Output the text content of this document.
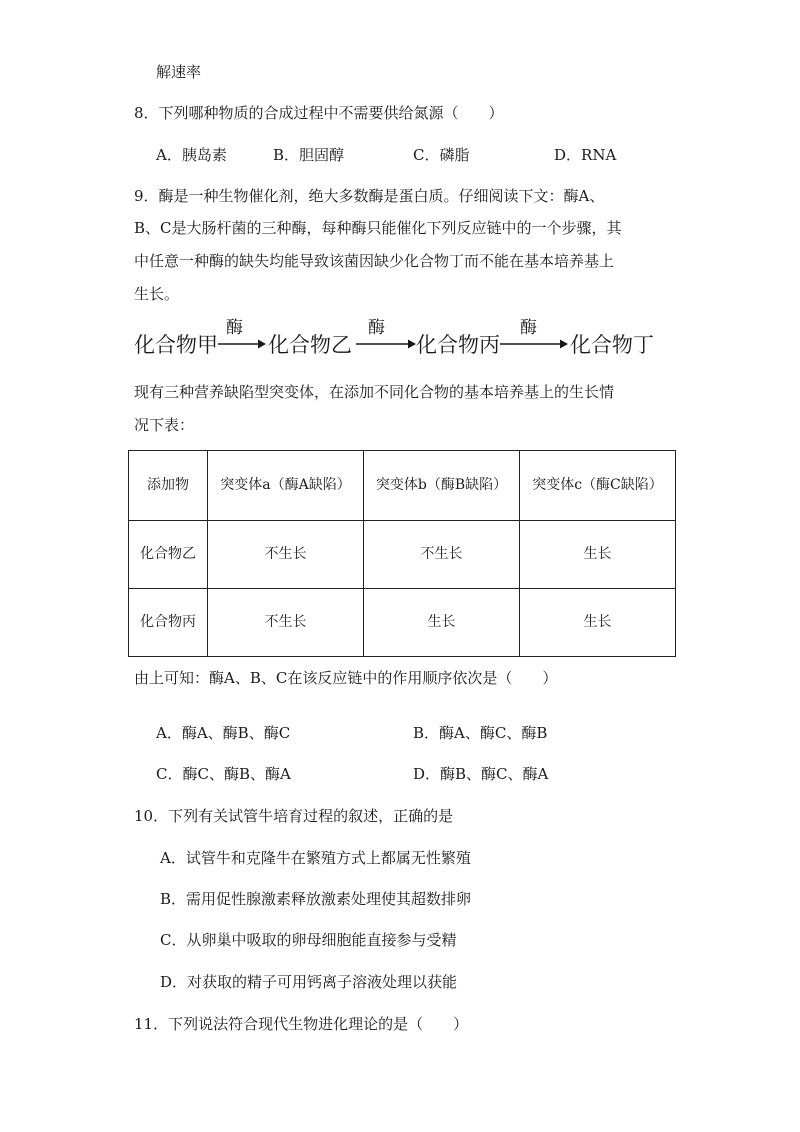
解速率
8．下列哪种物质的合成过程中不需要供给氮源（　　）
A．胰岛素	B．胆固醇	C．磷脂	D．RNA
9．酶是一种生物催化剂，绝大多数酶是蛋白质。仔细阅读下文：酶A、
B、C是大肠杆菌的三种酶，每种酶只能催化下列反应链中的一个步骤，其
中任意一种酶的缺失均能导致该菌因缺少化合物丁而不能在基本培养基上
生长。
化合物甲
酶
化合物乙
酶
化合物丙
酶
化合物丁
现有三种营养缺陷型突变体，在添加不同化合物的基本培养基上的生长情
况下表：
添加物	突变体a（酶A缺陷）	突变体b（酶B缺陷）	突变体c（酶C缺陷）
化合物乙	不生长	不生长	生长
化合物丙	不生长	生长	生长
由上可知：酶A、B、C在该反应链中的作用顺序依次是（　　）
A．酶A、酶B、酶C	B．酶A、酶C、酶B
C．酶C、酶B、酶A	D．酶B、酶C、酶A
10．下列有关试管牛培育过程的叙述，正确的是
A．试管牛和克隆牛在繁殖方式上都属无性繁殖
B．需用促性腺激素释放激素处理使其超数排卵
C．从卵巢中吸取的卵母细胞能直接参与受精
D．对获取的精子可用钙离子溶液处理以获能
11．下列说法符合现代生物进化理论的是（　　）
